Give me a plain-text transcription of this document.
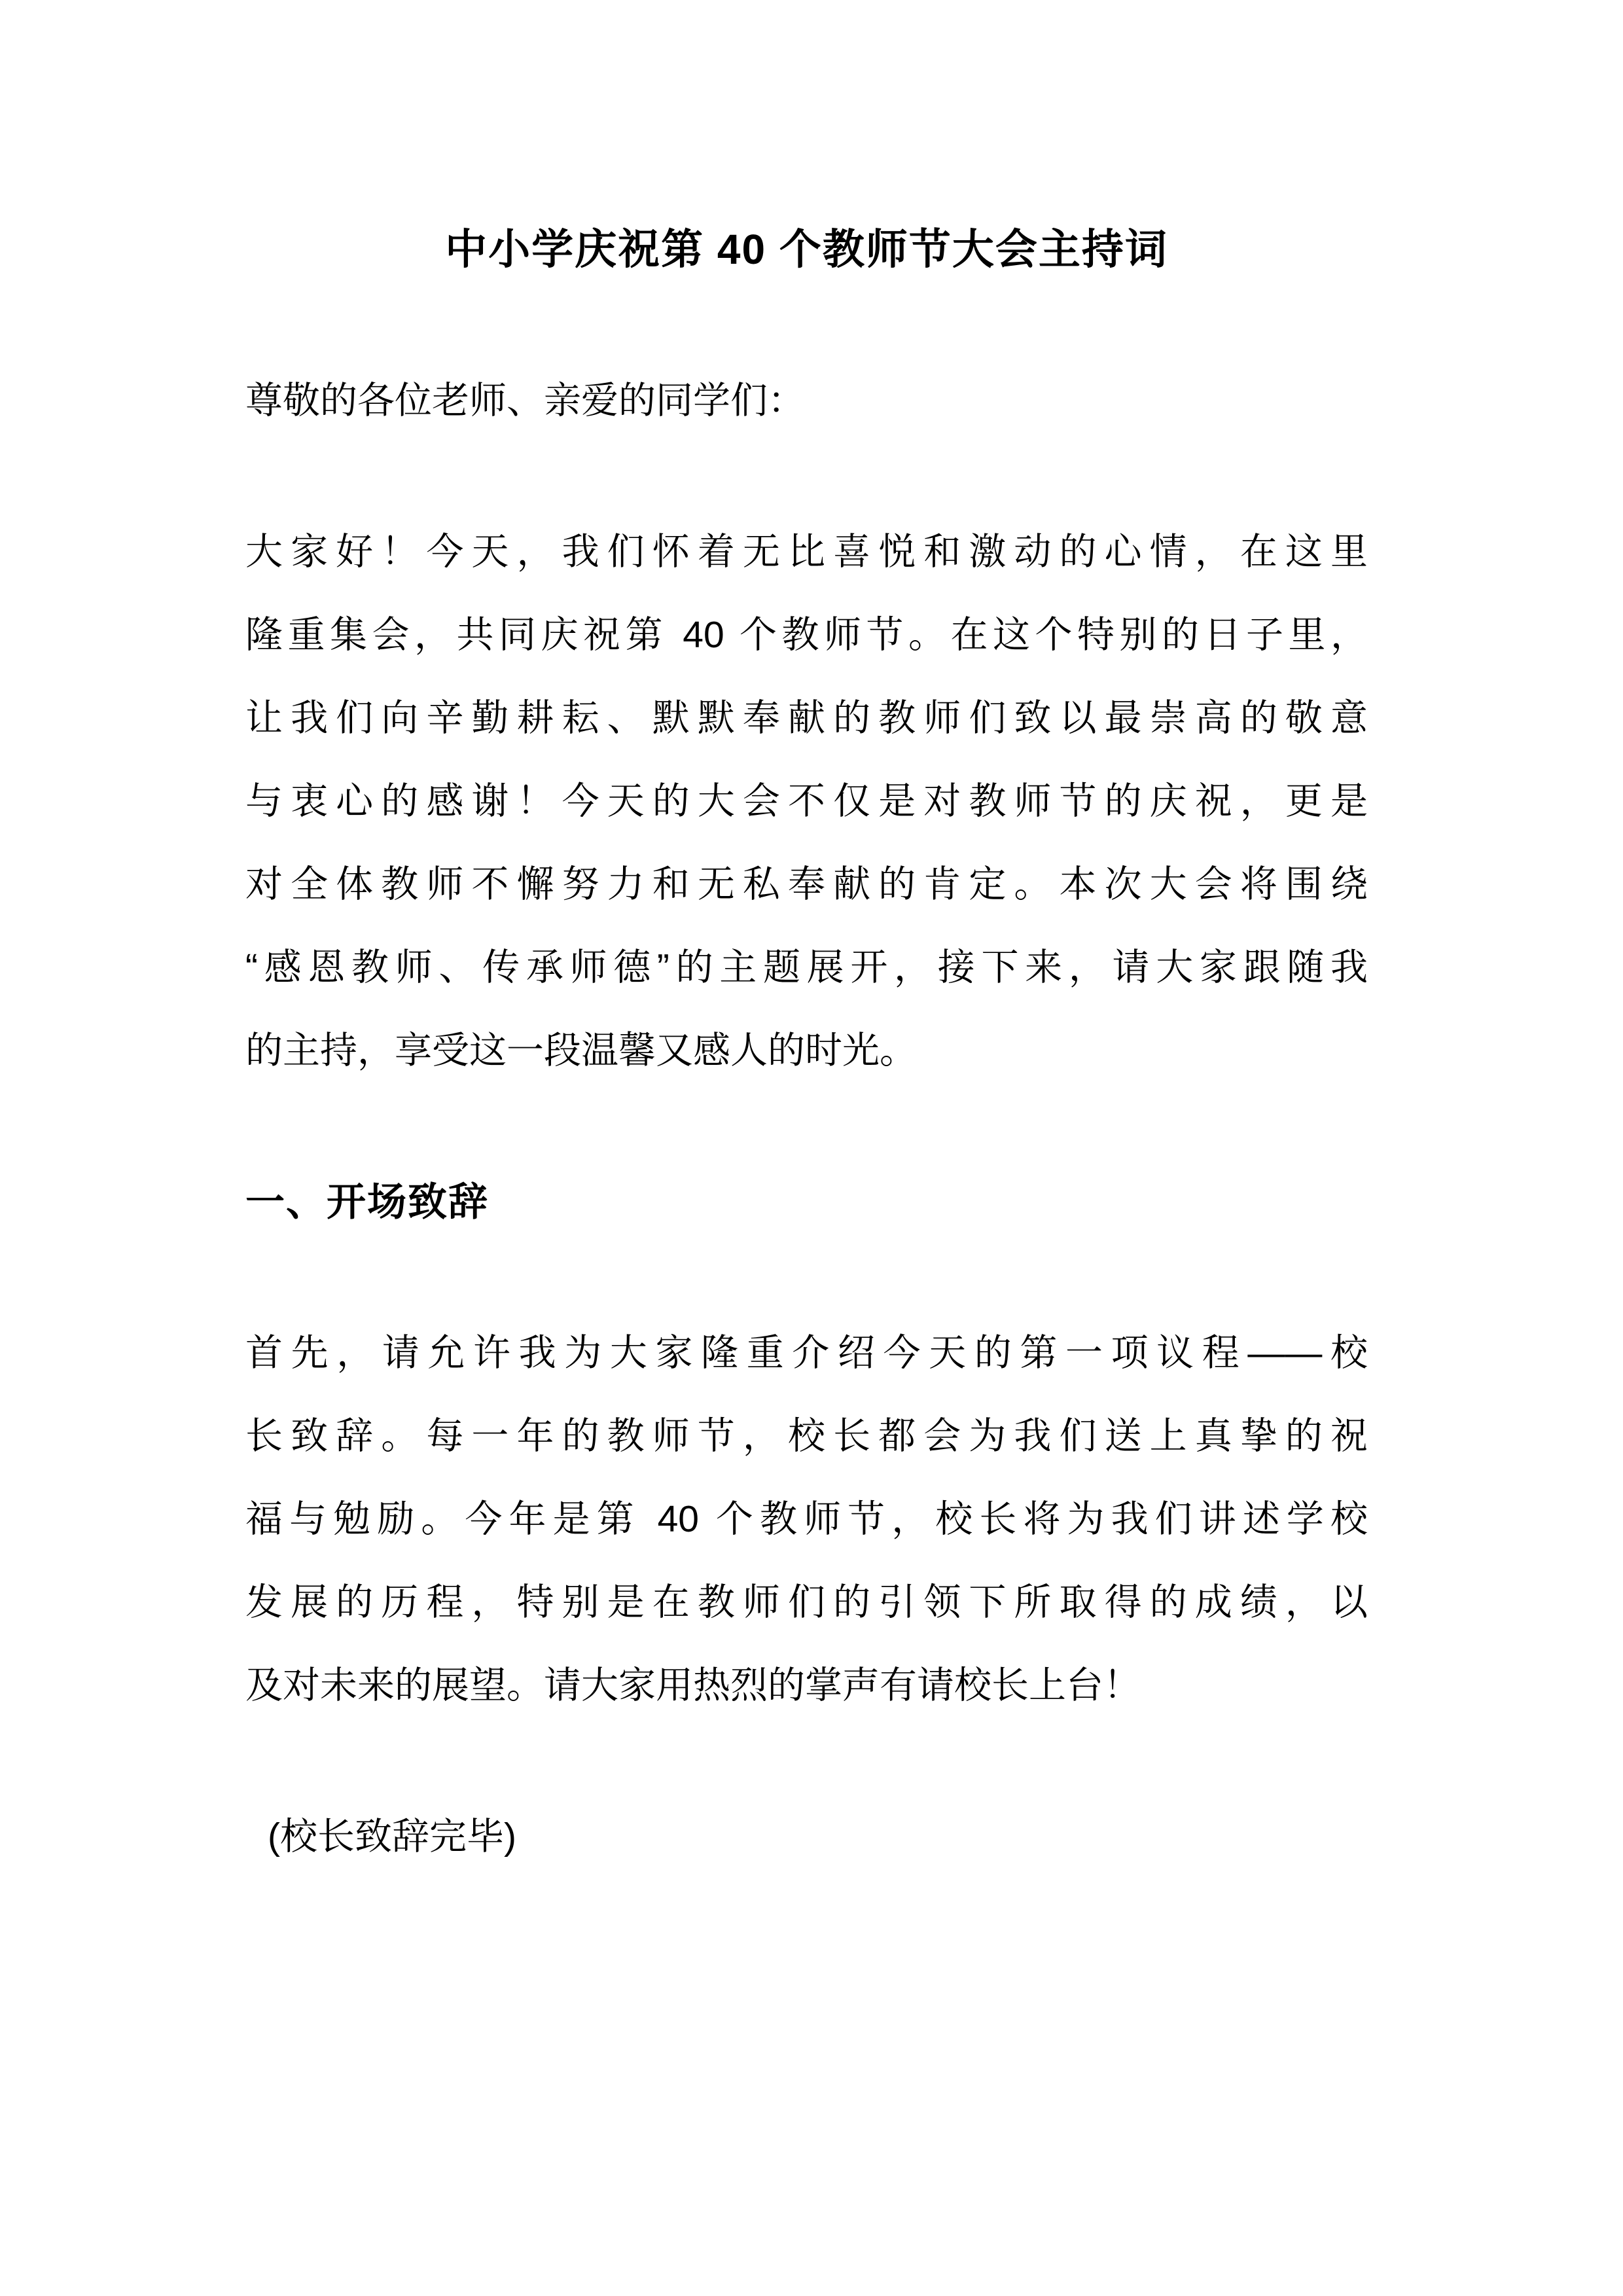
中小学庆祝第 40 个教师节大会主持词

尊敬的各位老师、亲爱的同学们：

大家好！今天，我们怀着无比喜悦和激动的心情，在这里

隆重集会，共同庆祝第 40 个教师节。在这个特别的日子里，

让我们向辛勤耕耘、默默奉献的教师们致以最崇高的敬意

与衷心的感谢！今天的大会不仅是对教师节的庆祝，更是

对全体教师不懈努力和无私奉献的肯定。本次大会将围绕

“感恩教师、传承师德”的主题展开，接下来，请大家跟随我

的主持，享受这一段温馨又感人的时光。

一、开场致辞

首先，请允许我为大家隆重介绍今天的第一项议程——校

长致辞。每一年的教师节，校长都会为我们送上真挚的祝

福与勉励。今年是第 40 个教师节，校长将为我们讲述学校

发展的历程，特别是在教师们的引领下所取得的成绩，以

及对未来的展望。请大家用热烈的掌声有请校长上台！

(校长致辞完毕)
